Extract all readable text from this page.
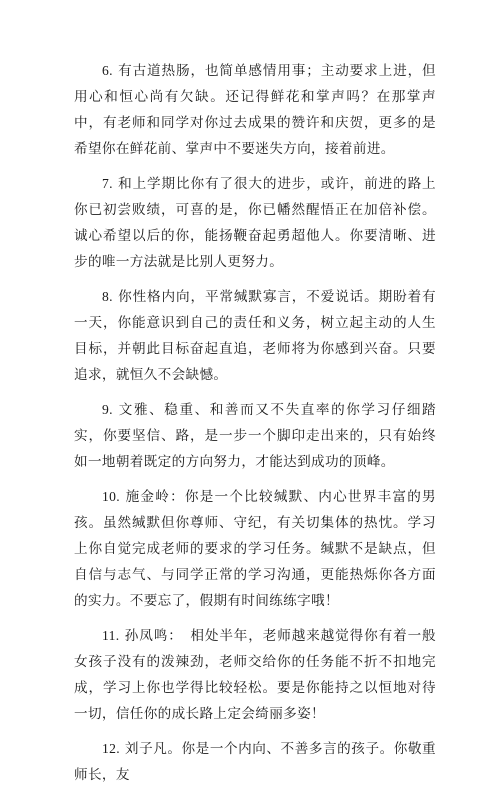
6. 有古道热肠，也简单感情用事；主动要求上进，但用心和恒心尚有欠缺。还记得鲜花和掌声吗？在那掌声中，有老师和同学对你过去成果的赞许和庆贺，更多的是希望你在鲜花前、掌声中不要迷失方向，接着前进。

7. 和上学期比你有了很大的进步，或许，前进的路上你已初尝败绩，可喜的是，你已幡然醒悟正在加倍补偿。诚心希望以后的你，能扬鞭奋起勇超他人。你要清晰、进步的唯一方法就是比别人更努力。

8. 你性格内向，平常缄默寡言，不爱说话。期盼着有一天，你能意识到自己的责任和义务，树立起主动的人生目标，并朝此目标奋起直追，老师将为你感到兴奋。只要追求，就恒久不会缺憾。

9. 文雅、稳重、和善而又不失直率的你学习仔细踏实，你要坚信、路，是一步一个脚印走出来的，只有始终如一地朝着既定的方向努力，才能达到成功的顶峰。

10. 施金岭：你是一个比较缄默、内心世界丰富的男孩。虽然缄默但你尊师、守纪，有关切集体的热忱。学习上你自觉完成老师的要求的学习任务。缄默不是缺点，但自信与志气、与同学正常的学习沟通，更能热烁你各方面的实力。不要忘了，假期有时间练练字哦！

11. 孙凤鸣：　相处半年，老师越来越觉得你有着一般女孩子没有的泼辣劲，老师交给你的任务能不折不扣地完成，学习上你也学得比较轻松。要是你能持之以恒地对待一切，信任你的成长路上定会绮丽多姿！

12. 刘子凡。你是一个内向、不善多言的孩子。你敬重师长，友
